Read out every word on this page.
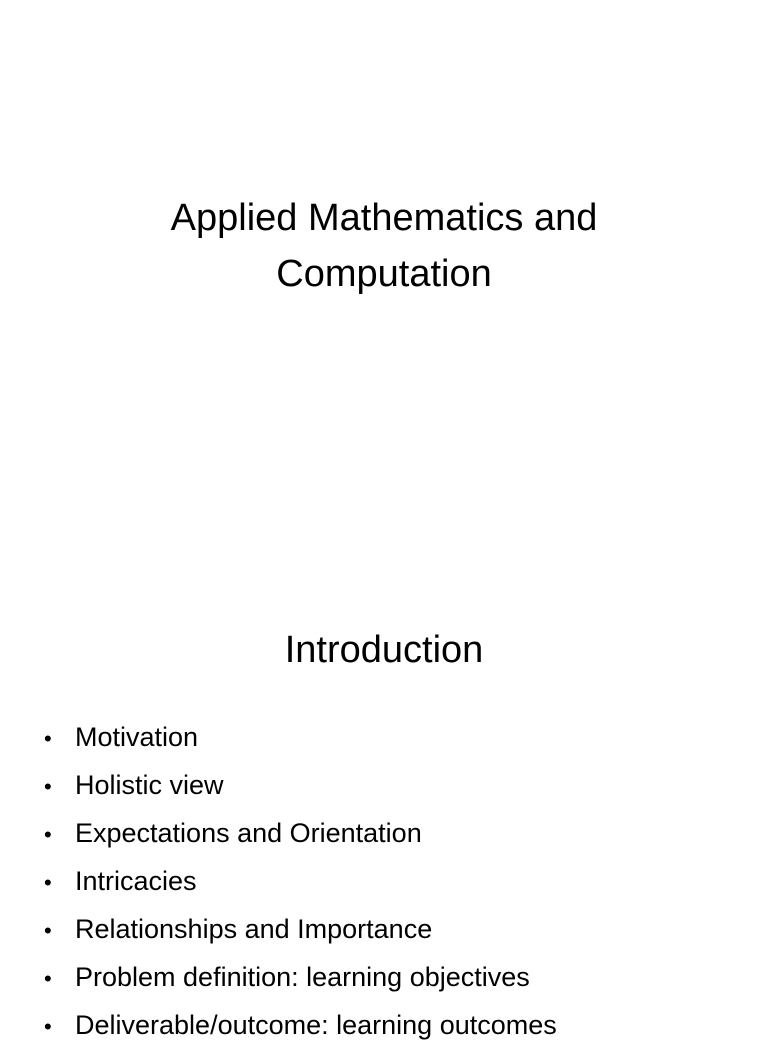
Applied Mathematics and
Computation
Introduction
• Motivation
• Holistic view
• Expectations and Orientation
• Intricacies
• Relationships and Importance
• Problem definition: learning objectives
• Deliverable/outcome: learning outcomes
